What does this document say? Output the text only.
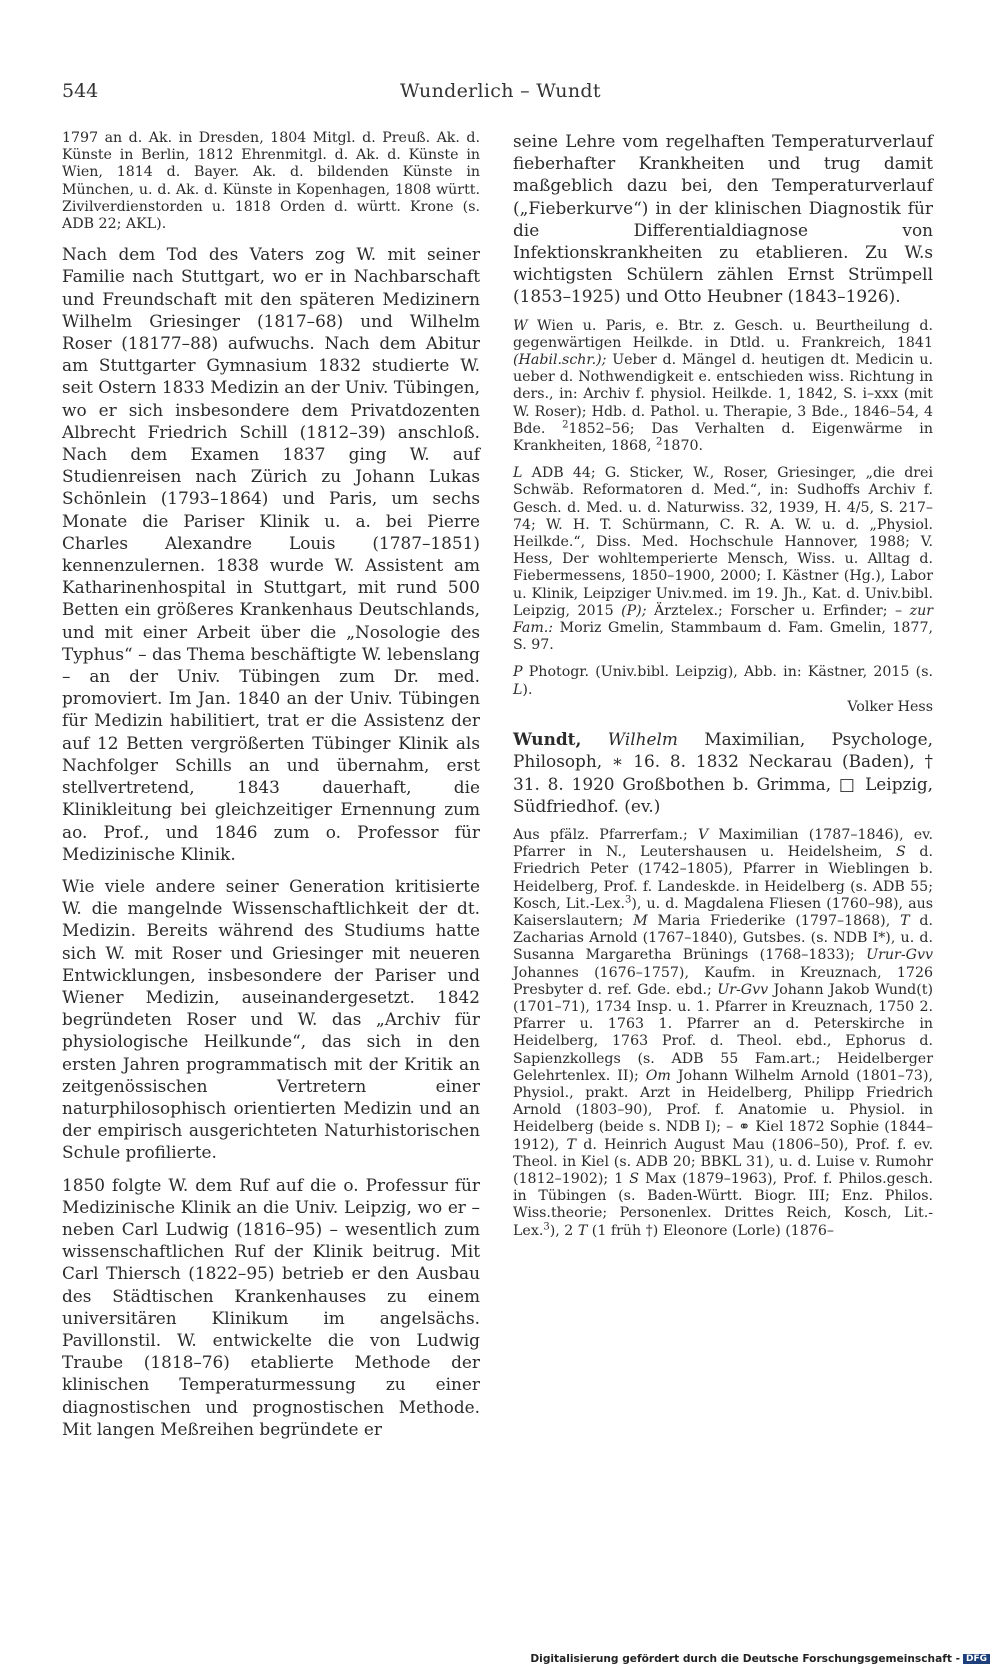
544	Wunderlich – Wundt

1797 an d. Ak. in Dresden, 1804 Mitgl. d. Preuß. Ak. d. Künste in Berlin, 1812 Ehrenmitgl. d. Ak. d. Künste in Wien, 1814 d. Bayer. Ak. d. bildenden Künste in München, u. d. Ak. d. Künste in Kopenhagen, 1808 württ. Zivilverdienstorden u. 1818 Orden d. württ. Krone (s. ADB 22; AKL).

Nach dem Tod des Vaters zog W. mit seiner Familie nach Stuttgart, wo er in Nachbarschaft und Freundschaft mit den späteren Medizinern Wilhelm Griesinger (1817–68) und Wilhelm Roser (18177–88) aufwuchs. Nach dem Abitur am Stuttgarter Gymnasium 1832 studierte W. seit Ostern 1833 Medizin an der Univ. Tübingen, wo er sich insbesondere dem Privatdozenten Albrecht Friedrich Schill (1812–39) anschloß. Nach dem Examen 1837 ging W. auf Studienreisen nach Zürich zu Johann Lukas Schönlein (1793–1864) und Paris, um sechs Monate die Pariser Klinik u. a. bei Pierre Charles Alexandre Louis (1787–1851) kennenzulernen. 1838 wurde W. Assistent am Katharinenhospital in Stuttgart, mit rund 500 Betten ein größeres Krankenhaus Deutschlands, und mit einer Arbeit über die „Nosologie des Typhus“ – das Thema beschäftigte W. lebenslang – an der Univ. Tübingen zum Dr. med. promoviert. Im Jan. 1840 an der Univ. Tübingen für Medizin habilitiert, trat er die Assistenz der auf 12 Betten vergrößerten Tübinger Klinik als Nachfolger Schills an und übernahm, erst stellvertretend, 1843 dauerhaft, die Klinikleitung bei gleichzeitiger Ernennung zum ao. Prof., und 1846 zum o. Professor für Medizinische Klinik.

Wie viele andere seiner Generation kritisierte W. die mangelnde Wissenschaftlichkeit der dt. Medizin. Bereits während des Studiums hatte sich W. mit Roser und Griesinger mit neueren Entwicklungen, insbesondere der Pariser und Wiener Medizin, auseinandergesetzt. 1842 begründeten Roser und W. das „Archiv für physiologische Heilkunde“, das sich in den ersten Jahren programmatisch mit der Kritik an zeitgenössischen Vertretern einer naturphilosophisch orientierten Medizin und an der empirisch ausgerichteten Naturhistorischen Schule profilierte.

1850 folgte W. dem Ruf auf die o. Professur für Medizinische Klinik an die Univ. Leipzig, wo er – neben Carl Ludwig (1816–95) – wesentlich zum wissenschaftlichen Ruf der Klinik beitrug. Mit Carl Thiersch (1822–95) betrieb er den Ausbau des Städtischen Krankenhauses zu einem universitären Klinikum im angelsächs. Pavillonstil. W. entwickelte die von Ludwig Traube (1818–76) etablierte Methode der klinischen Temperaturmessung zu einer diagnostischen und prognostischen Methode. Mit langen Meßreihen begründete er

seine Lehre vom regelhaften Temperaturverlauf fieberhafter Krankheiten und trug damit maßgeblich dazu bei, den Temperaturverlauf („Fieberkurve“) in der klinischen Diagnostik für die Differentialdiagnose von Infektionskrankheiten zu etablieren. Zu W.s wichtigsten Schülern zählen Ernst Strümpell (1853–1925) und Otto Heubner (1843–1926).

W Wien u. Paris, e. Btr. z. Gesch. u. Beurtheilung d. gegenwärtigen Heilkde. in Dtld. u. Frankreich, 1841 (Habil.schr.); Ueber d. Mängel d. heutigen dt. Medicin u. ueber d. Nothwendigkeit e. entschieden wiss. Richtung in ders., in: Archiv f. physiol. Heilkde. 1, 1842, S. i–xxx (mit W. Roser); Hdb. d. Pathol. u. Therapie, 3 Bde., 1846–54, 4 Bde. $^2$1852–56; Das Verhalten d. Eigenwärme in Krankheiten, 1868, $^2$1870.

L ADB 44; G. Sticker, W., Roser, Griesinger, „die drei Schwäb. Reformatoren d. Med.“, in: Sudhoffs Archiv f. Gesch. d. Med. u. d. Naturwiss. 32, 1939, H. 4/5, S. 217–74; W. H. T. Schürmann, C. R. A. W. u. d. „Physiol. Heilkde.“, Diss. Med. Hochschule Hannover, 1988; V. Hess, Der wohltemperierte Mensch, Wiss. u. Alltag d. Fiebermessens, 1850–1900, 2000; I. Kästner (Hg.), Labor u. Klinik, Leipziger Univ.med. im 19. Jh., Kat. d. Univ.bibl. Leipzig, 2015 (P); Ärztelex.; Forscher u. Erfinder; – zur Fam.: Moriz Gmelin, Stammbaum d. Fam. Gmelin, 1877, S. 97.

P Photogr. (Univ.bibl. Leipzig), Abb. in: Kästner, 2015 (s. L).

Volker Hess

Wundt, Wilhelm Maximilian, Psychologe, Philosoph, ∗ 16. 8. 1832 Neckarau (Baden), † 31. 8. 1920 Großbothen b. Grimma, □ Leipzig, Südfriedhof. (ev.)

Aus pfälz. Pfarrerfam.; V Maximilian (1787–1846), ev. Pfarrer in N., Leutershausen u. Heidelsheim, S d. Friedrich Peter (1742–1805), Pfarrer in Wieblingen b. Heidelberg, Prof. f. Landeskde. in Heidelberg (s. ADB 55; Kosch, Lit.-Lex.$^3$), u. d. Magdalena Fliesen (1760–98), aus Kaiserslautern; M Maria Friederike (1797–1868), T d. Zacharias Arnold (1767–1840), Gutsbes. (s. NDB I*), u. d. Susanna Margaretha Brünings (1768–1833); Urur-Gvv Johannes (1676–1757), Kaufm. in Kreuznach, 1726 Presbyter d. ref. Gde. ebd.; Ur-Gvv Johann Jakob Wund(t) (1701–71), 1734 Insp. u. 1. Pfarrer in Kreuznach, 1750 2. Pfarrer u. 1763 1. Pfarrer an d. Peterskirche in Heidelberg, 1763 Prof. d. Theol. ebd., Ephorus d. Sapienzkollegs (s. ADB 55 Fam.art.; Heidelberger Gelehrtenlex. II); Om Johann Wilhelm Arnold (1801–73), Physiol., prakt. Arzt in Heidelberg, Philipp Friedrich Arnold (1803–90), Prof. f. Anatomie u. Physiol. in Heidelberg (beide s. NDB I); – ⚭ Kiel 1872 Sophie (1844–1912), T d. Heinrich August Mau (1806–50), Prof. f. ev. Theol. in Kiel (s. ADB 20; BBKL 31), u. d. Luise v. Rumohr (1812–1902); 1 S Max (1879–1963), Prof. f. Philos.gesch. in Tübingen (s. Baden-Württ. Biogr. III; Enz. Philos. Wiss.theorie; Personenlex. Drittes Reich, Kosch, Lit.-Lex.$^3$), 2 T (1 früh †) Eleonore (Lorle) (1876–

Digitalisierung gefördert durch die Deutsche Forschungsgemeinschaft - DFG
